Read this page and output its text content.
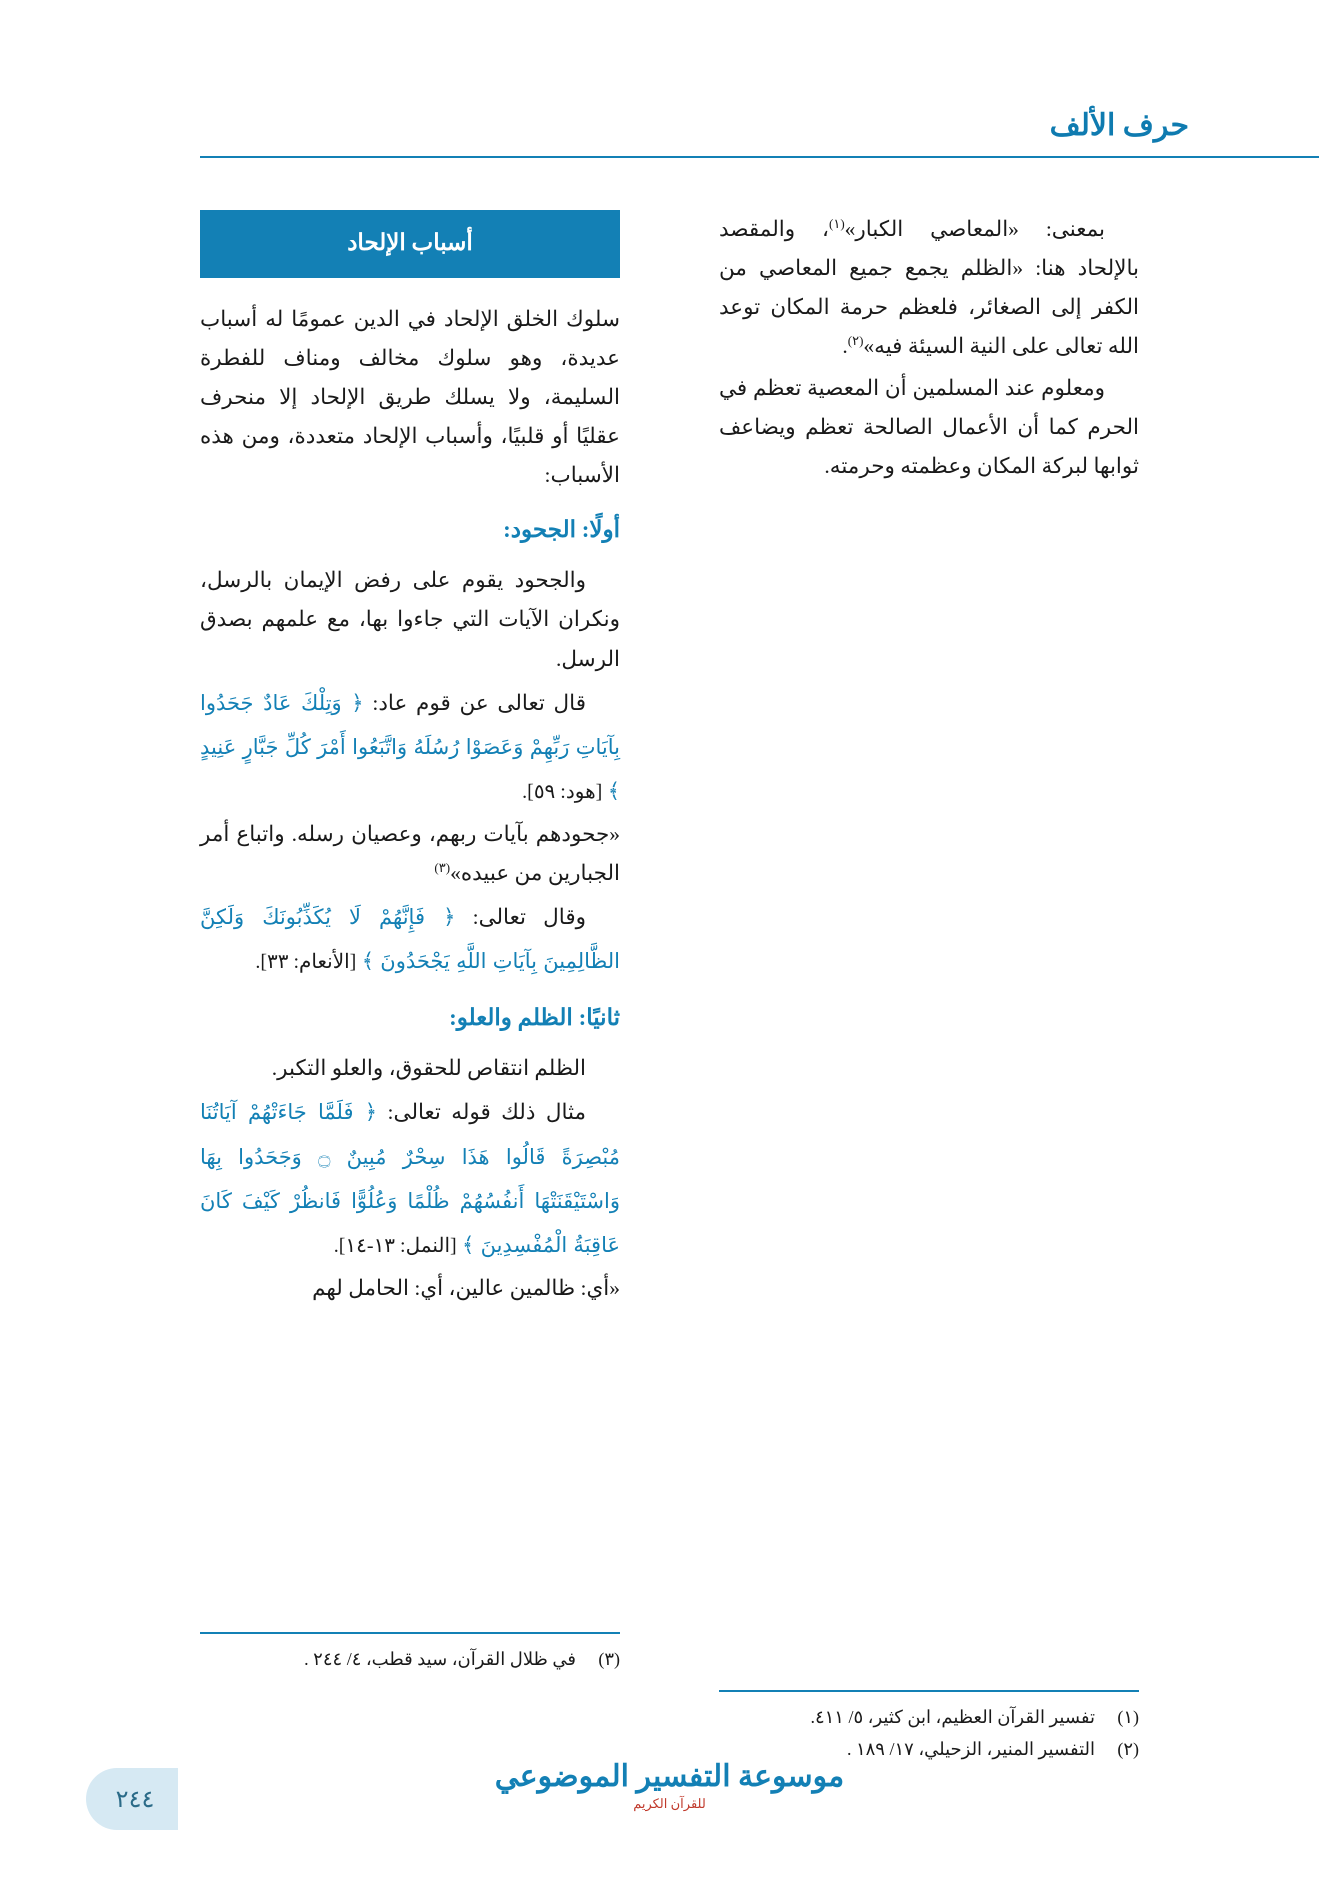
حرف الألف

بمعنى: «المعاصي الكبار»$^{(١)}$، والمقصد بالإلحاد هنا: «الظلم يجمع جميع المعاصي من الكفر إلى الصغائر، فلعظم حرمة المكان توعد الله تعالى على النية السيئة فيه»$^{(٢)}$.

ومعلوم عند المسلمين أن المعصية تعظم في الحرم كما أن الأعمال الصالحة تعظم ويضاعف ثوابها لبركة المكان وعظمته وحرمته.

أسباب الإلحاد

سلوك الخلق الإلحاد في الدين عمومًا له أسباب عديدة، وهو سلوك مخالف ومناف للفطرة السليمة، ولا يسلك طريق الإلحاد إلا منحرف عقليًا أو قلبيًا، وأسباب الإلحاد متعددة، ومن هذه الأسباب:

أولًا: الجحود:

والجحود يقوم على رفض الإيمان بالرسل، ونكران الآيات التي جاءوا بها، مع علمهم بصدق الرسل.

قال تعالى عن قوم عاد: ﴿ وَتِلْكَ عَادٌ جَحَدُوا بِآيَاتِ رَبِّهِمْ وَعَصَوْا رُسُلَهُ وَاتَّبَعُوا أَمْرَ كُلِّ جَبَّارٍ عَنِيدٍ ﴾ [هود: ٥٩].

«جحودهم بآيات ربهم، وعصيان رسله. واتباع أمر الجبارين من عبيده»$^{(٣)}$

وقال تعالى: ﴿ فَإِنَّهُمْ لَا يُكَذِّبُونَكَ وَلَكِنَّ الظَّالِمِينَ بِآيَاتِ اللَّهِ يَجْحَدُونَ ﴾ [الأنعام: ٣٣].

ثانيًا: الظلم والعلو:

الظلم انتقاص للحقوق، والعلو التكبر.

مثال ذلك قوله تعالى: ﴿ فَلَمَّا جَاءَتْهُمْ آيَاتُنَا مُبْصِرَةً قَالُوا هَذَا سِحْرٌ مُبِينٌ ۝ وَجَحَدُوا بِهَا وَاسْتَيْقَنَتْهَا أَنفُسُهُمْ ظُلْمًا وَعُلُوًّا فَانظُرْ كَيْفَ كَانَ عَاقِبَةُ الْمُفْسِدِينَ ﴾ [النمل: ١٣-١٤].

«أي: ظالمين عالين، أي: الحامل لهم

(١)
تفسير القرآن العظيم، ابن كثير، ٥/ ٤١١.
(٢)
التفسير المنير، الزحيلي، ١٧/ ١٨٩ .
(٣)
في ظلال القرآن، سيد قطب، ٤/ ٢٤٤ .
موسوعة التفسير الموضوعي
للقرآن الكريم
٢٤٤
